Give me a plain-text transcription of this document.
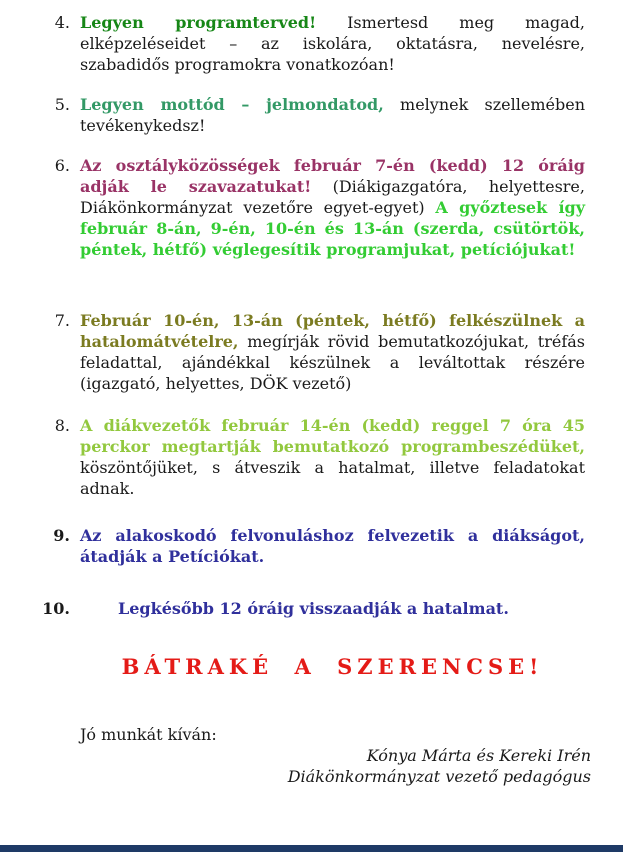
4. Legyen programterved! Ismertesd meg magad, elképzeléseidet – az iskolára, oktatásra, nevelésre, szabadidős programokra vonatkozóan!
5. Legyen mottód – jelmondatod, melynek szellemében tevékenykedsz!
6. Az osztályközösségek február 7-én (kedd) 12 óráig adják le szavazatukat! (Diákigazgatóra, helyettesre, Diákönkormányzat vezetőre egyet-egyet) A győztesek így február 8-án, 9-én, 10-én és 13-án (szerda, csütörtök, péntek, hétfő) véglegesítik programjukat, petíciójukat!
7. Február 10-én, 13-án (péntek, hétfő) felkészülnek a hatalomátvételre, megírják rövid bemutatkozójukat, tréfás feladattal, ajándékkal készülnek a leváltottak részére (igazgató, helyettes, DÖK vezető)
8. A diákvezetők február 14-én (kedd) reggel 7 óra 45 perckor megtartják bemutatkozó programbeszédüket, köszöntőjüket, s átveszik a hatalmat, illetve feladatokat adnak.
9. Az alakoskodó felvonuláshoz felvezetik a diákságot, átadják a Petíciókat.
10.	Legkésőbb 12 óráig visszaadják a hatalmat.
BÁTRAKÉ A SZERENCSE!
Jó munkát kíván:
Kónya Márta és Kereki Irén
Diákönkormányzat vezető pedagógus
